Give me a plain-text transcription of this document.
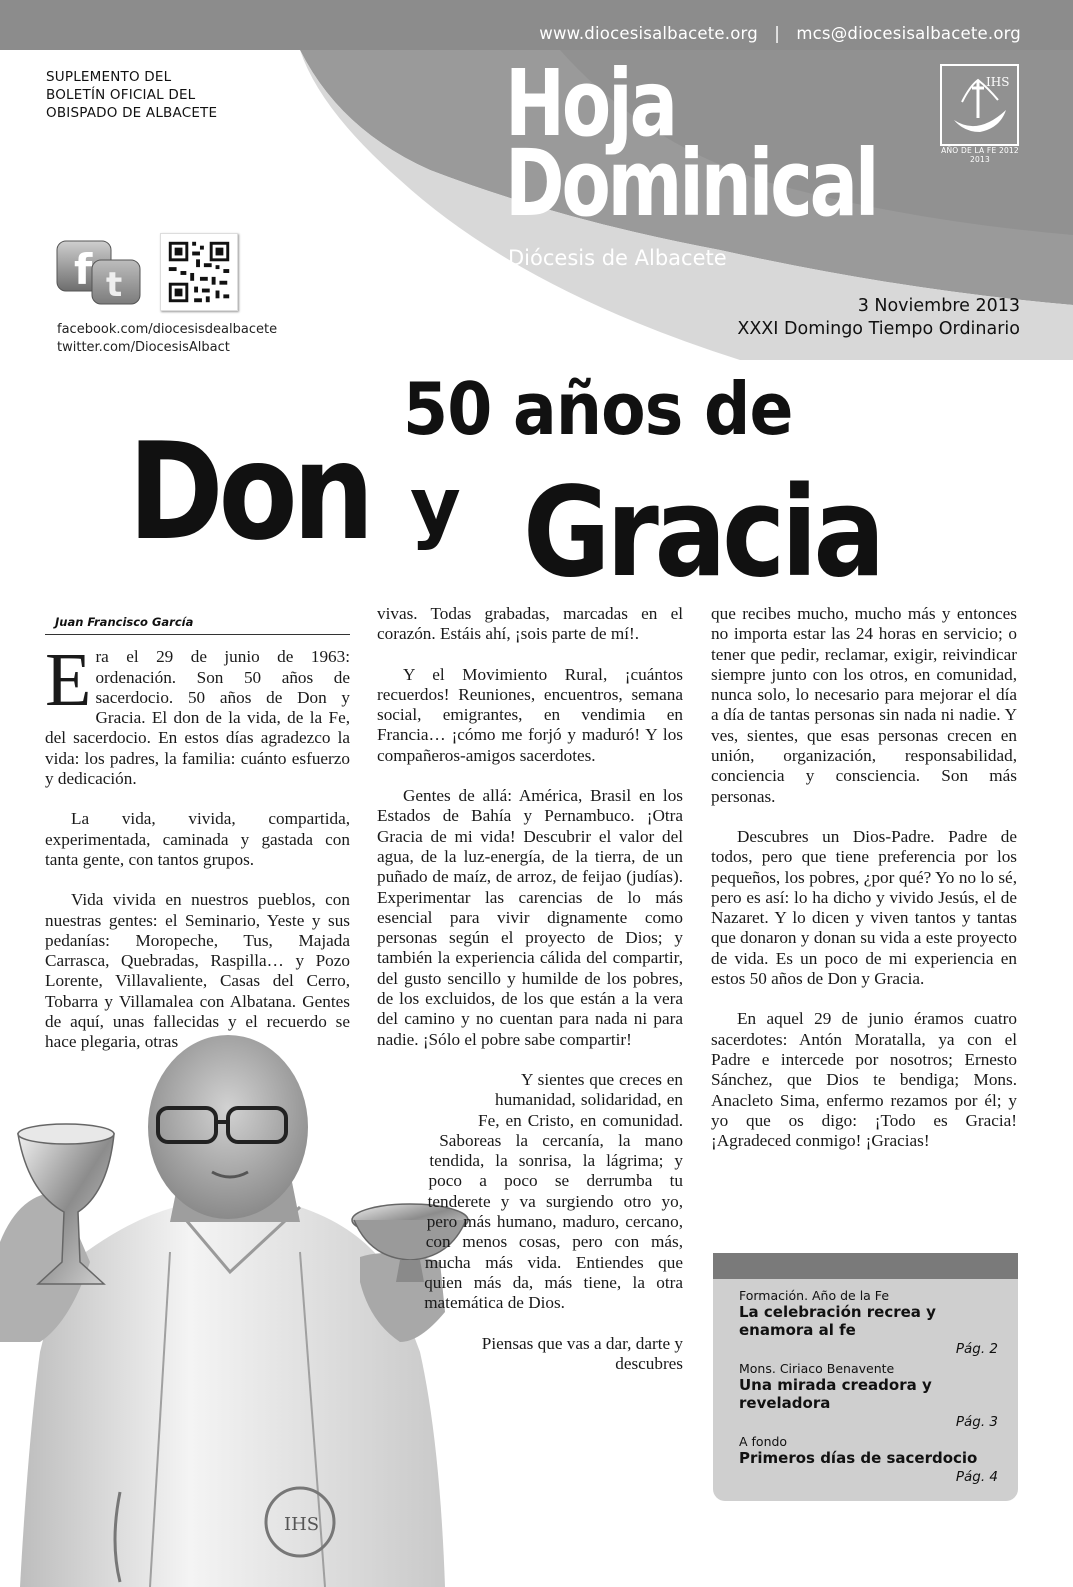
www.diocesisalbacete.org | mcs@diocesisalbacete.org
SUPLEMENTO DEL
BOLETÍN OFICIAL DEL
OBISPADO DE ALBACETE	Hoja
Dominical
Diócesis de Albacete
IHS
AÑO DE LA FE 2012 2013
f t
facebook.com/diocesisdealbacete
twitter.com/DiocesisAlbact
3 Noviembre 2013
XXXI Domingo Tiempo Ordinario
50 años de
Don y Gracia
IHS
Juan Francisco García

Era el 29 de junio de 1963: ordenación. Son 50 años de sacerdocio. 50 años de Don y Gracia. El don de la vida, de la Fe, del sacerdocio. En estos días agradezco la vida: los padres, la familia: cuánto esfuerzo y dedicación.

La vida, vivida, compartida, experimentada, caminada y gastada con tanta gente, con tantos grupos.

Vida vivida en nuestros pueblos, con nuestras gentes: el Seminario, Yeste y sus pedanías: Moropeche, Tus, Majada Carrasca, Quebradas, Raspilla… y Pozo Lorente, Villavaliente, Casas del Cerro, Tobarra y Villamalea con Albatana. Gentes de aquí, unas fallecidas y el recuerdo se hace plegaria, otras

vivas. Todas grabadas, marcadas en el corazón. Estáis ahí, ¡sois parte de mí!.

Y el Movimiento Rural, ¡cuántos recuerdos! Reuniones, encuentros, semana social, emigrantes, en vendimia en Francia… ¡cómo me forjó y maduró! Y los compañeros-amigos sacerdotes.

Gentes de allá: América, Brasil en los Estados de Bahía y Pernambuco. ¡Otra Gracia de mi vida! Descubrir el valor del agua, de la luz-energía, de la tierra, de un puñado de maíz, de arroz, de feijao (judías). Experimentar las carencias de lo más esencial para vivir dignamente como personas según el proyecto de Dios; y también la experiencia cálida del compartir, del gusto sencillo y humilde de los pobres, de los excluidos, de los que están a la vera del camino y no cuentan para nada ni para nadie. ¡Sólo el pobre sabe compartir!

Y sientes que creces en humanidad, solidaridad, en Fe, en Cristo, en comunidad. Saboreas la cercanía, la mano tendida, la sonrisa, la lágrima; y poco a poco se derrumba tu tenderete y va surgiendo otro yo, pero más humano, maduro, cercano, con menos cosas, pero con más, mucha más vida. Entiendes que quien más da, más tiene, la otra matemática de Dios.

Piensas que vas a dar, darte y descubres

que recibes mucho, mucho más y entonces no importa estar las 24 horas en servicio; o tener que pedir, reclamar, exigir, reivindicar siempre junto con los otros, en comunidad, nunca solo, lo necesario para mejorar el día a día de tantas personas sin nada ni nadie. Y ves, sientes, que esas personas crecen en unión, organización, responsabilidad, conciencia y consciencia. Son más personas.

Descubres un Dios-Padre. Padre de todos, pero que tiene preferencia por los pequeños, los pobres, ¿por qué? Yo no lo sé, pero es así: lo ha dicho y vivido Jesús, el de Nazaret. Y lo dicen y viven tantos y tantas que donaron y donan su vida a este proyecto de vida. Es un poco de mi experiencia en estos 50 años de Don y Gracia.

En aquel 29 de junio éramos cuatro sacerdotes: Antón Moratalla, ya con el Padre e intercede por nosotros; Ernesto Sánchez, que Dios te bendiga; Mons. Anacleto Sima, enfermo rezamos por él; y yo que os digo: ¡Todo es Gracia! ¡Agradeced conmigo! ¡Gracias!

Formación. Año de la Fe
La celebración recrea y enamora al fe
Pág. 2
Mons. Ciriaco Benavente
Una mirada creadora y reveladora
Pág. 3
A fondo
Primeros días de sacerdocio
Pág. 4
